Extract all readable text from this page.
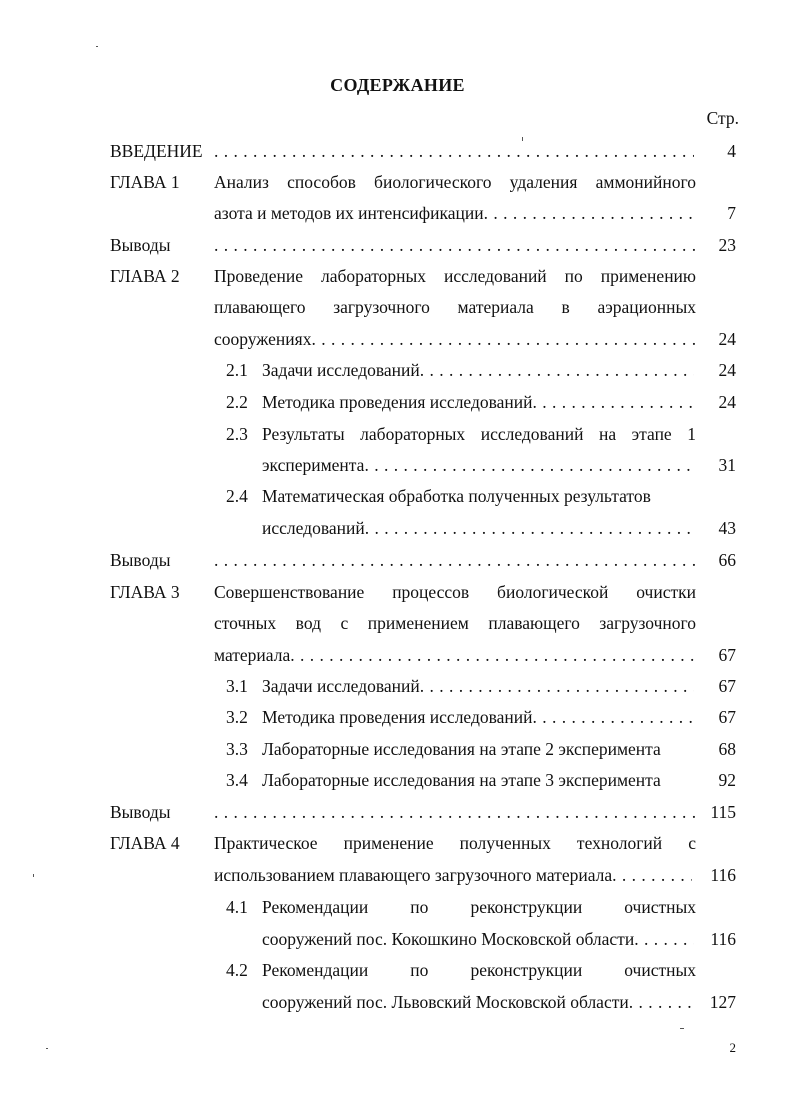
СОДЕРЖАНИЕ
Стр.
ВВЕДЕНИЕ . . .	4
ГЛАВА 1 Анализ способов биологического удаления аммонийного
азота и методов их интенсификации . . .	7
Выводы . . .	23
ГЛАВА 2 Проведение лабораторных исследований по применению
плавающего загрузочного материала в аэрационных
сооружениях . . .	24
2.1 Задачи исследований . . .	24
2.2 Методика проведения исследований . . .	24
2.3 Результаты лабораторных исследований на этапе 1
эксперимента . . .	31
2.4 Математическая обработка полученных результатов
исследований . . .	43
Выводы . . .	66
ГЛАВА 3 Совершенствование процессов биологической очистки
сточных вод с применением плавающего загрузочного
материала . . .	67
3.1 Задачи исследований . . .	67
3.2 Методика проведения исследований . . .	67
3.3 Лабораторные исследования на этапе 2 эксперимента	68
3.4 Лабораторные исследования на этапе 3 эксперимента	92
Выводы . . .	115
ГЛАВА 4 Практическое применение полученных технологий с
использованием плавающего загрузочного материала . . .	116
4.1 Рекомендации по реконструкции очистных
сооружений пос. Кокошкино Московской области . . .	116
4.2 Рекомендации по реконструкции очистных
сооружений пос. Львовский Московской области . . .	127
2
